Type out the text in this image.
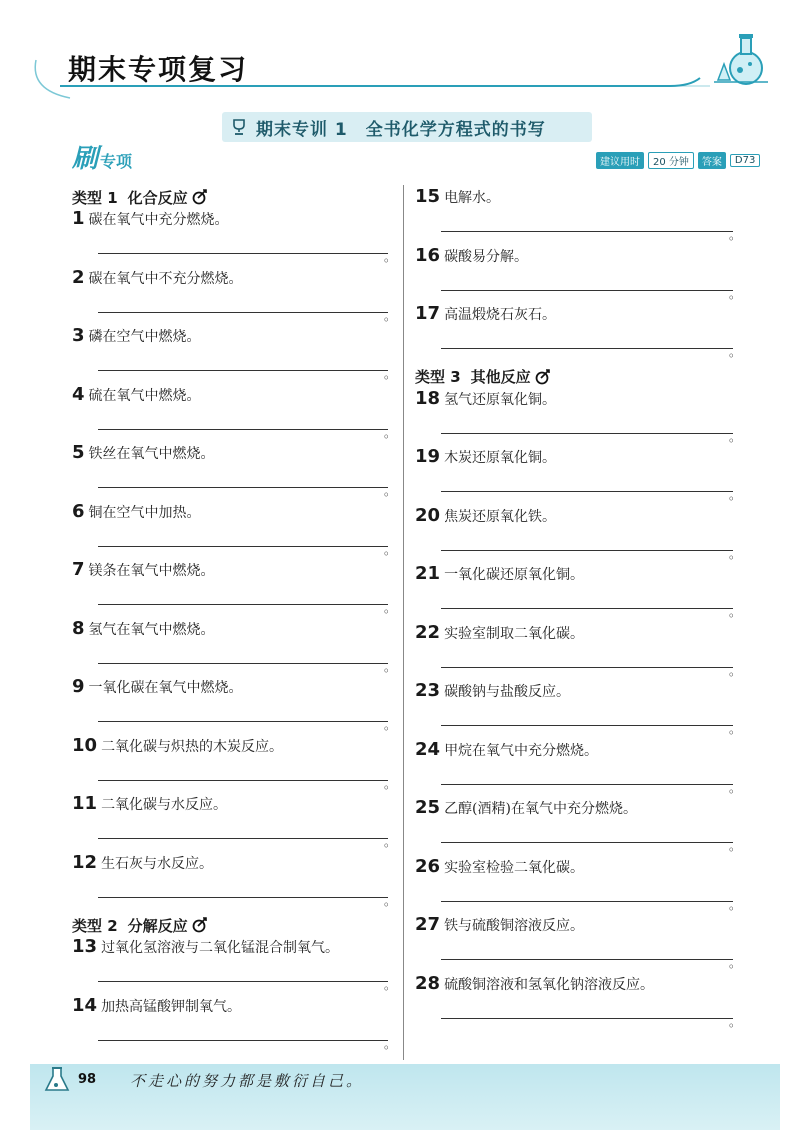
期末专项复习
期末专训 1　全书化学方程式的书写
刷 专项	建议用时	20 分钟	答案	D73
类型 1 化合反应
1 碳在氧气中充分燃烧。
。
2 碳在氧气中不充分燃烧。
。
3 磷在空气中燃烧。
。
4 硫在氧气中燃烧。
。
5 铁丝在氧气中燃烧。
。
6 铜在空气中加热。
。
7 镁条在氧气中燃烧。
。
8 氢气在氧气中燃烧。
。
9 一氧化碳在氧气中燃烧。
。
10 二氧化碳与炽热的木炭反应。
。
11 二氧化碳与水反应。
。
12 生石灰与水反应。
。
类型 2 分解反应
13 过氧化氢溶液与二氧化锰混合制氧气。
。
14 加热高锰酸钾制氧气。
。
15 电解水。
。
16 碳酸易分解。
。
17 高温煅烧石灰石。
。
类型 3 其他反应
18 氢气还原氧化铜。
。
19 木炭还原氧化铜。
。
20 焦炭还原氧化铁。
。
21 一氧化碳还原氧化铜。
。
22 实验室制取二氧化碳。
。
23 碳酸钠与盐酸反应。
。
24 甲烷在氧气中充分燃烧。
。
25 乙醇(酒精)在氧气中充分燃烧。
。
26 实验室检验二氧化碳。
。
27 铁与硫酸铜溶液反应。
。
28 硫酸铜溶液和氢氧化钠溶液反应。
。
98 不走心的努力都是敷衍自己。
